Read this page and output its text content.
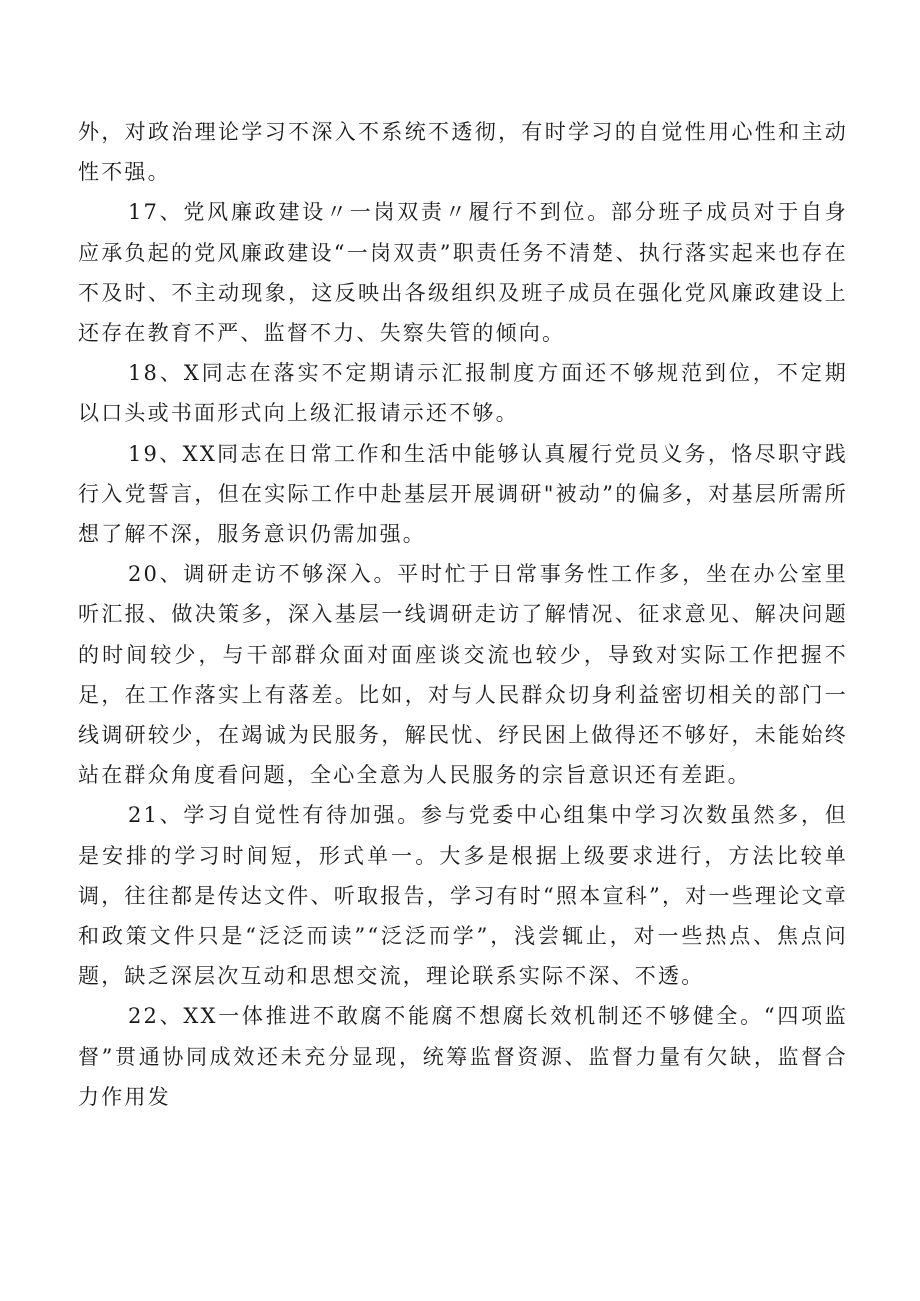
外，对政治理论学习不深入不系统不透彻，有时学习的自觉性用心性和主动性不强。

17、党风廉政建设〃一岗双责〃履行不到位。部分班子成员对于自身应承负起的党风廉政建设“一岗双责”职责任务不清楚、执行落实起来也存在不及时、不主动现象，这反映出各级组织及班子成员在强化党风廉政建设上还存在教育不严、监督不力、失察失管的倾向。

18、X同志在落实不定期请示汇报制度方面还不够规范到位，不定期以口头或书面形式向上级汇报请示还不够。

19、XX同志在日常工作和生活中能够认真履行党员义务，恪尽职守践行入党誓言，但在实际工作中赴基层开展调研"被动”的偏多，对基层所需所想了解不深，服务意识仍需加强。

20、调研走访不够深入。平时忙于日常事务性工作多，坐在办公室里听汇报、做决策多，深入基层一线调研走访了解情况、征求意见、解决问题的时间较少，与干部群众面对面座谈交流也较少，导致对实际工作把握不足，在工作落实上有落差。比如，对与人民群众切身利益密切相关的部门一线调研较少，在竭诚为民服务，解民忧、纾民困上做得还不够好，未能始终站在群众角度看问题，全心全意为人民服务的宗旨意识还有差距。

21、学习自觉性有待加强。参与党委中心组集中学习次数虽然多，但是安排的学习时间短，形式单一。大多是根据上级要求进行，方法比较单调，往往都是传达文件、听取报告，学习有时“照本宣科”，对一些理论文章和政策文件只是“泛泛而读”“泛泛而学”，浅尝辄止，对一些热点、焦点问题，缺乏深层次互动和思想交流，理论联系实际不深、不透。

22、XX一体推进不敢腐不能腐不想腐长效机制还不够健全。“四项监督”贯通协同成效还未充分显现，统筹监督资源、监督力量有欠缺，监督合力作用发
